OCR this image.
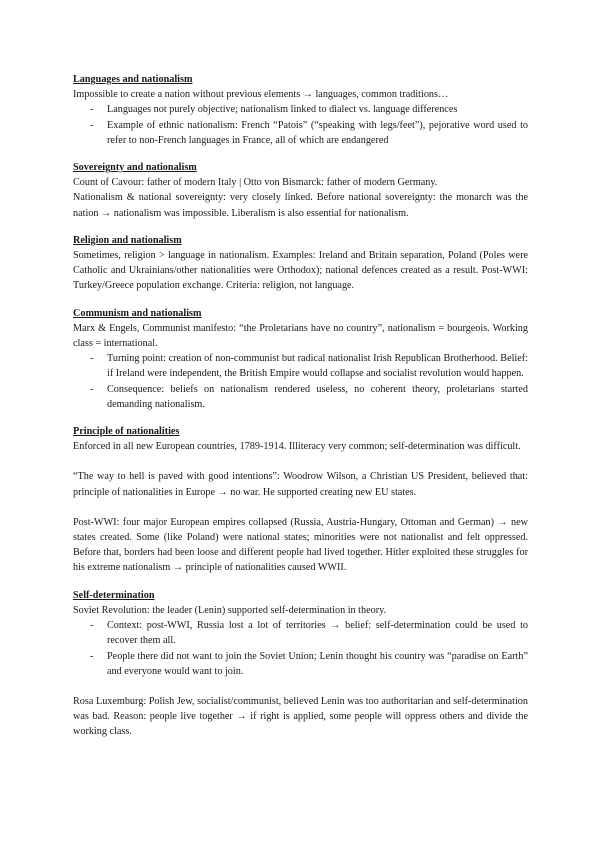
Languages and nationalism

Impossible to create a nation without previous elements → languages, common traditions…

- Languages not purely objective; nationalism linked to dialect vs. language differences
- Example of ethnic nationalism: French “Patois” (“speaking with legs/feet”), pejorative word used to refer to non-French languages in France, all of which are endangered
Sovereignty and nationalism

Count of Cavour: father of modern Italy | Otto von Bismarck: father of modern Germany.

Nationalism & national sovereignty: very closely linked. Before national sovereignty: the monarch was the nation → nationalism was impossible. Liberalism is also essential for nationalism.

Religion and nationalism

Sometimes, religion > language in nationalism. Examples: Ireland and Britain separation, Poland (Poles were Catholic and Ukrainians/other nationalities were Orthodox); national defences created as a result. Post-WWI: Turkey/Greece population exchange. Criteria: religion, not language.

Communism and nationalism

Marx & Engels, Communist manifesto: “the Proletarians have no country”, nationalism = bourgeois. Working class = international.

- Turning point: creation of non-communist but radical nationalist Irish Republican Brotherhood. Belief: if Ireland were independent, the British Empire would collapse and socialist revolution would happen.
- Consequence: beliefs on nationalism rendered useless, no coherent theory, proletarians started demanding nationalism.
Principle of nationalities

Enforced in all new European countries, 1789-1914. Illiteracy very common; self-determination was difficult.

“The way to hell is paved with good intentions”: Woodrow Wilson, a Christian US President, believed that: principle of nationalities in Europe → no war. He supported creating new EU states.

Post-WWI: four major European empires collapsed (Russia, Austria-Hungary, Ottoman and German) → new states created. Some (like Poland) were national states; minorities were not nationalist and felt oppressed. Before that, borders had been loose and different people had lived together. Hitler exploited these struggles for his extreme nationalism → principle of nationalities caused WWII.

Self-determination

Soviet Revolution: the leader (Lenin) supported self-determination in theory.

- Context: post-WWI, Russia lost a lot of territories → belief: self-determination could be used to recover them all.
- People there did not want to join the Soviet Union; Lenin thought his country was “paradise on Earth” and everyone would want to join.

Rosa Luxemburg: Polish Jew, socialist/communist, believed Lenin was too authoritarian and self-determination was bad. Reason: people live together → if right is applied, some people will oppress others and divide the working class.
